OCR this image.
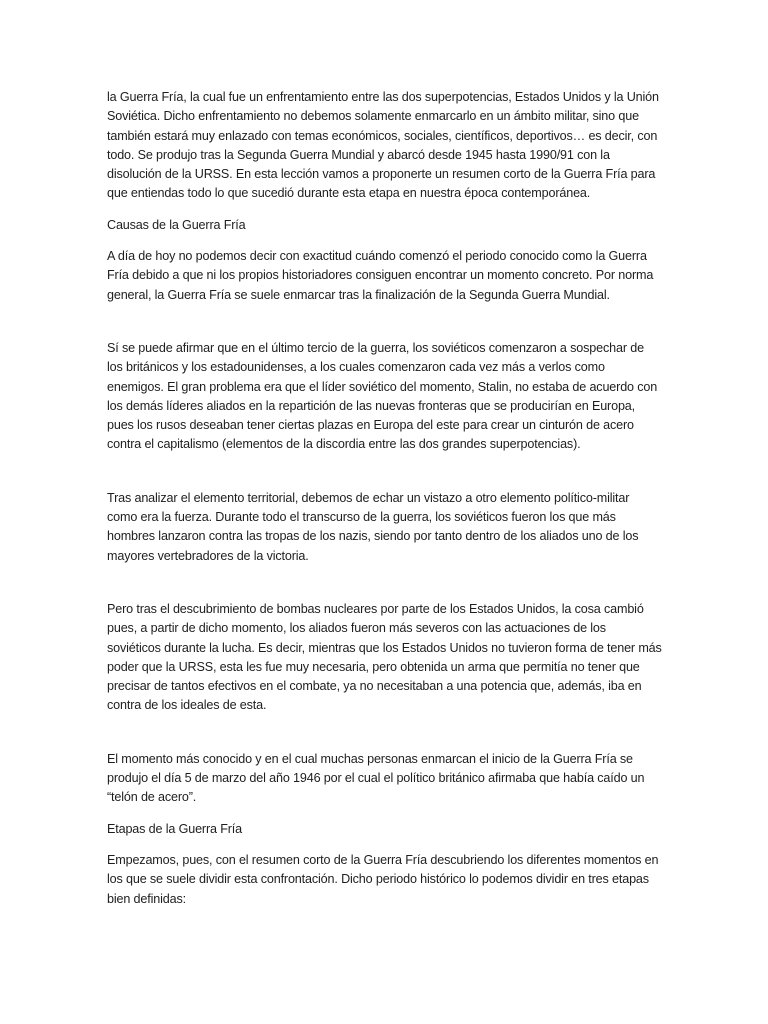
la Guerra Fría, la cual fue un enfrentamiento entre las dos superpotencias, Estados Unidos y la Unión Soviética. Dicho enfrentamiento no debemos solamente enmarcarlo en un ámbito militar, sino que también estará muy enlazado con temas económicos, sociales, científicos, deportivos… es decir, con todo. Se produjo tras la Segunda Guerra Mundial y abarcó desde 1945 hasta 1990/91 con la disolución de la URSS. En esta lección vamos a proponerte un resumen corto de la Guerra Fría para que entiendas todo lo que sucedió durante esta etapa en nuestra época contemporánea.

Causas de la Guerra Fría

A día de hoy no podemos decir con exactitud cuándo comenzó el periodo conocido como la Guerra Fría debido a que ni los propios historiadores consiguen encontrar un momento concreto. Por norma general, la Guerra Fría se suele enmarcar tras la finalización de la Segunda Guerra Mundial.

Sí se puede afirmar que en el último tercio de la guerra, los soviéticos comenzaron a sospechar de los británicos y los estadounidenses, a los cuales comenzaron cada vez más a verlos como enemigos. El gran problema era que el líder soviético del momento, Stalin, no estaba de acuerdo con los demás líderes aliados en la repartición de las nuevas fronteras que se producirían en Europa, pues los rusos deseaban tener ciertas plazas en Europa del este para crear un cinturón de acero contra el capitalismo (elementos de la discordia entre las dos grandes superpotencias).

Tras analizar el elemento territorial, debemos de echar un vistazo a otro elemento político-militar como era la fuerza. Durante todo el transcurso de la guerra, los soviéticos fueron los que más hombres lanzaron contra las tropas de los nazis, siendo por tanto dentro de los aliados uno de los mayores vertebradores de la victoria.

Pero tras el descubrimiento de bombas nucleares por parte de los Estados Unidos, la cosa cambió pues, a partir de dicho momento, los aliados fueron más severos con las actuaciones de los soviéticos durante la lucha. Es decir, mientras que los Estados Unidos no tuvieron forma de tener más poder que la URSS, esta les fue muy necesaria, pero obtenida un arma que permitía no tener que precisar de tantos efectivos en el combate, ya no necesitaban a una potencia que, además, iba en contra de los ideales de esta.

El momento más conocido y en el cual muchas personas enmarcan el inicio de la Guerra Fría se produjo el día 5 de marzo del año 1946 por el cual el político británico afirmaba que había caído un “telón de acero”.

Etapas de la Guerra Fría

Empezamos, pues, con el resumen corto de la Guerra Fría descubriendo los diferentes momentos en los que se suele dividir esta confrontación. Dicho periodo histórico lo podemos dividir en tres etapas bien definidas:
